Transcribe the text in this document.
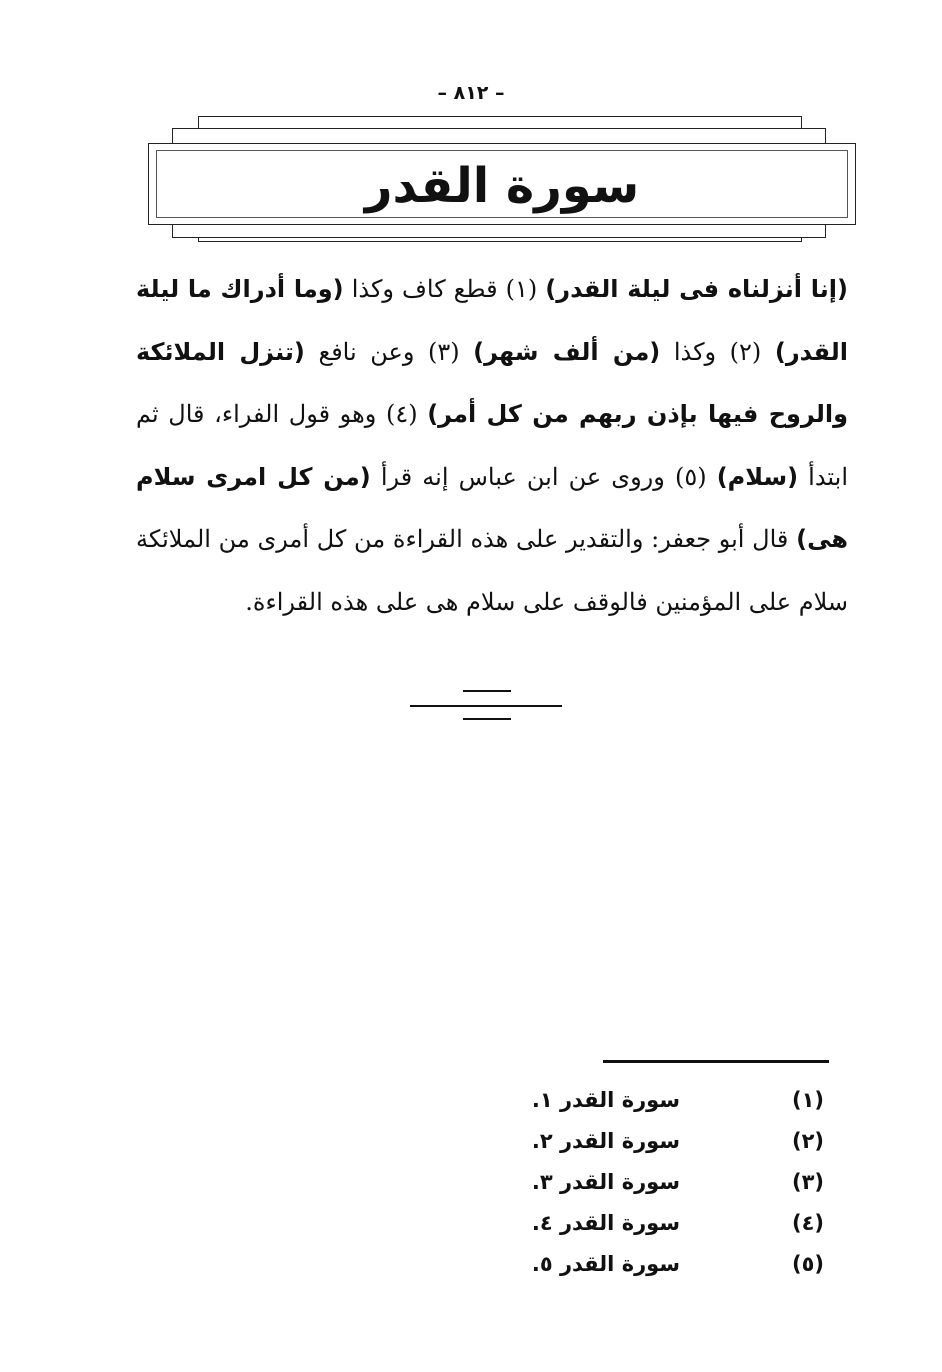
– ٨١٢ –
سورة القدر

(إنا أنزلناه فى ليلة القدر) (١) قطع كاف وكذا (وما أدراك ما ليلة القدر) (٢) وكذا (من ألف شهر) (٣) وعن نافع (تنزل الملائكة والروح فيها بإذن ربهم من كل أمر) (٤) وهو قول الفراء، قال ثم ابتدأ (سلام) (٥) وروى عن ابن عباس إنه قرأ (من كل امرى سلام هى) قال أبو جعفر: والتقدير على هذه القراءة من كل أمرى من الملائكة سلام على المؤمنين فالوقف على سلام هى على هذه القراءة.

(١)
سورة القدر ١.
(٢)
سورة القدر ٢.
(٣)
سورة القدر ٣.
(٤)
سورة القدر ٤.
(٥)
سورة القدر ٥.
